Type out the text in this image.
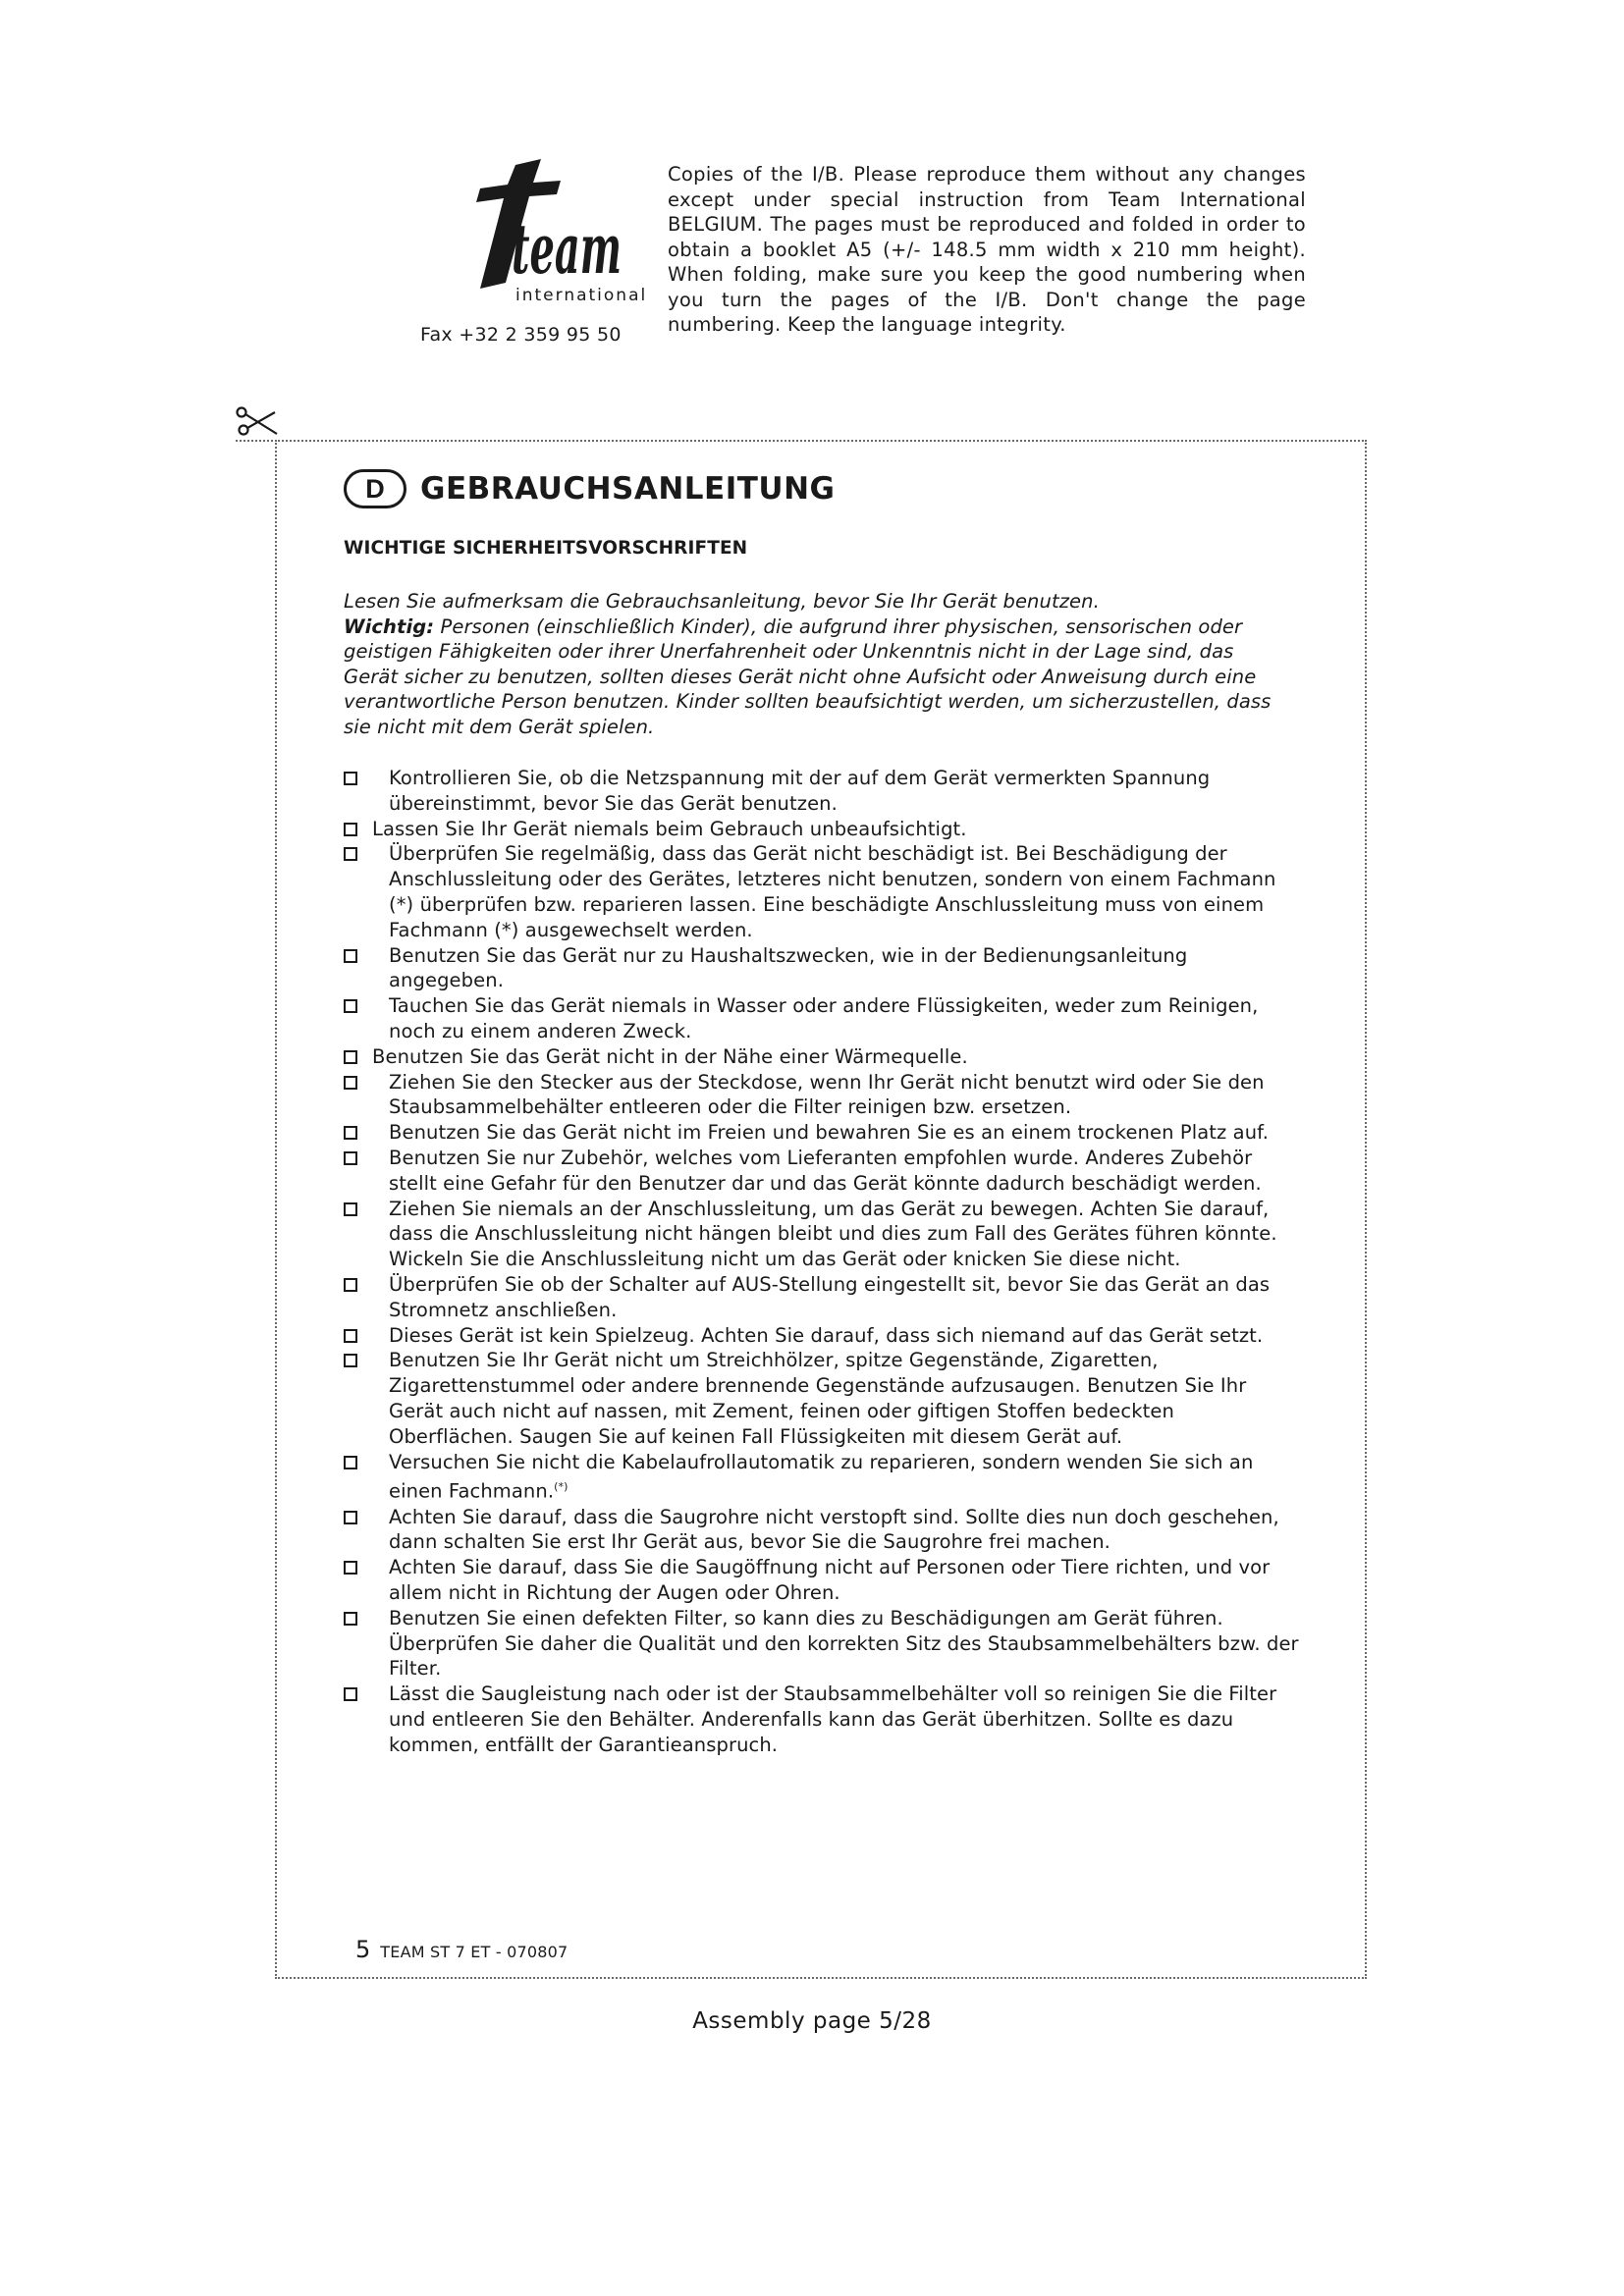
team
international
Fax +32 2 359 95 50
Copies of the I/B. Please reproduce them without any changes except under special instruction from Team International BELGIUM. The pages must be reproduced and folded in order to obtain a booklet A5 (+/- 148.5 mm width x 210 mm height). When folding, make sure you keep the good numbering when you turn the pages of the I/B. Don't change the page numbering. Keep the language integrity.
D	GEBRAUCHSANLEITUNG
WICHTIGE SICHERHEITSVORSCHRIFTEN
Lesen Sie aufmerksam die Gebrauchsanleitung, bevor Sie Ihr Gerät benutzen.
Wichtig: Personen (einschließlich Kinder), die aufgrund ihrer physischen, sensorischen oder geistigen Fähigkeiten oder ihrer Unerfahrenheit oder Unkenntnis nicht in der Lage sind, das Gerät sicher zu benutzen, sollten dieses Gerät nicht ohne Aufsicht oder Anweisung durch eine verantwortliche Person benutzen. Kinder sollten beaufsichtigt werden, um sicherzustellen, dass sie nicht mit dem Gerät spielen.
Kontrollieren Sie, ob die Netzspannung mit der auf dem Gerät vermerkten Spannung übereinstimmt, bevor Sie das Gerät benutzen.
Lassen Sie Ihr Gerät niemals beim Gebrauch unbeaufsichtigt.
Überprüfen Sie regelmäßig, dass das Gerät nicht beschädigt ist. Bei Beschädigung der Anschlussleitung oder des Gerätes, letzteres nicht benutzen, sondern von einem Fachmann (*) überprüfen bzw. reparieren lassen. Eine beschädigte Anschlussleitung muss von einem Fachmann (*) ausgewechselt werden.
Benutzen Sie das Gerät nur zu Haushaltszwecken, wie in der Bedienungsanleitung angegeben.
Tauchen Sie das Gerät niemals in Wasser oder andere Flüssigkeiten, weder zum Reinigen, noch zu einem anderen Zweck.
Benutzen Sie das Gerät nicht in der Nähe einer Wärmequelle.
Ziehen Sie den Stecker aus der Steckdose, wenn Ihr Gerät nicht benutzt wird oder Sie den Staubsammelbehälter entleeren oder die Filter reinigen bzw. ersetzen.
Benutzen Sie das Gerät nicht im Freien und bewahren Sie es an einem trockenen Platz auf.
Benutzen Sie nur Zubehör, welches vom Lieferanten empfohlen wurde. Anderes Zubehör stellt eine Gefahr für den Benutzer dar und das Gerät könnte dadurch beschädigt werden.
Ziehen Sie niemals an der Anschlussleitung, um das Gerät zu bewegen. Achten Sie darauf, dass die Anschlussleitung nicht hängen bleibt und dies zum Fall des Gerätes führen könnte. Wickeln Sie die Anschlussleitung nicht um das Gerät oder knicken Sie diese nicht.
Überprüfen Sie ob der Schalter auf AUS-Stellung eingestellt sit, bevor Sie das Gerät an das Stromnetz anschließen.
Dieses Gerät ist kein Spielzeug. Achten Sie darauf, dass sich niemand auf das Gerät setzt.
Benutzen Sie Ihr Gerät nicht um Streichhölzer, spitze Gegenstände, Zigaretten, Zigarettenstummel oder andere brennende Gegenstände aufzusaugen. Benutzen Sie Ihr Gerät auch nicht auf nassen, mit Zement, feinen oder giftigen Stoffen bedeckten Oberflächen. Saugen Sie auf keinen Fall Flüssigkeiten mit diesem Gerät auf.
Versuchen Sie nicht die Kabelaufrollautomatik zu reparieren, sondern wenden Sie sich an einen Fachmann.(*)
Achten Sie darauf, dass die Saugrohre nicht verstopft sind. Sollte dies nun doch geschehen, dann schalten Sie erst Ihr Gerät aus, bevor Sie die Saugrohre frei machen.
Achten Sie darauf, dass Sie die Saugöffnung nicht auf Personen oder Tiere richten, und vor allem nicht in Richtung der Augen oder Ohren.
Benutzen Sie einen defekten Filter, so kann dies zu Beschädigungen am Gerät führen. Überprüfen Sie daher die Qualität und den korrekten Sitz des Staubsammelbehälters bzw. der Filter.
Lässt die Saugleistung nach oder ist der Staubsammelbehälter voll so reinigen Sie die Filter und entleeren Sie den Behälter. Anderenfalls kann das Gerät überhitzen. Sollte es dazu kommen, entfällt der Garantieanspruch.
5 TEAM ST 7 ET - 070807
Assembly page 5/28
